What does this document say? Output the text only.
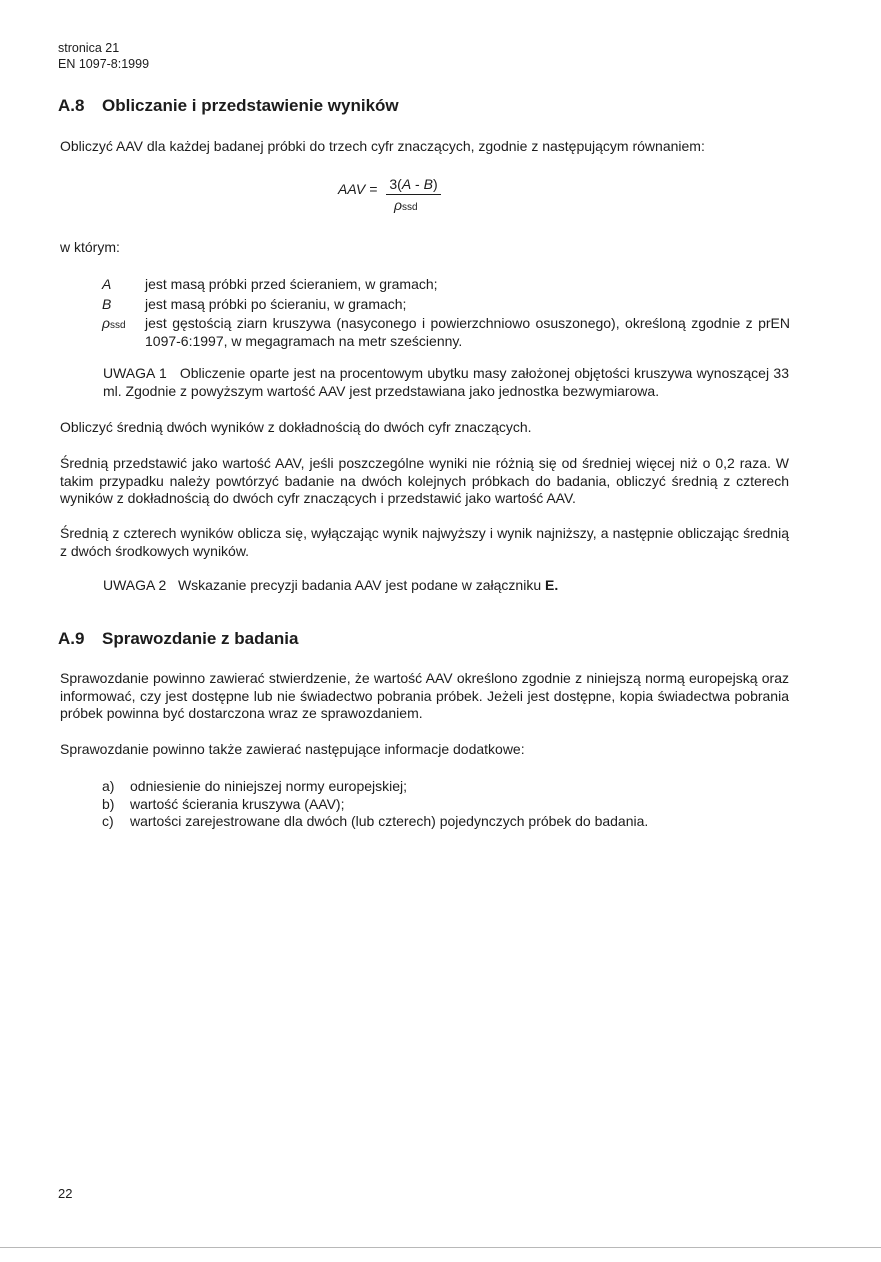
stronica 21
EN 1097-8:1999
A.8 Obliczanie i przedstawienie wyników
Obliczyć AAV dla każdej badanej próbki do trzech cyfr znaczących, zgodnie z następującym równaniem:
AAV = 3(A - B)
ρssd
w którym:
A	jest masą próbki przed ścieraniem, w gramach;
B	jest masą próbki po ścieraniu, w gramach;
ρssd	jest gęstością ziarn kruszywa (nasyconego i powierzchniowo osuszonego), określoną zgodnie z prEN 1097-6:1997, w megagramach na metr sześcienny.
UWAGA 1 Obliczenie oparte jest na procentowym ubytku masy założonej objętości kruszywa wynoszącej 33 ml. Zgodnie z powyższym wartość AAV jest przedstawiana jako jednostka bezwymiarowa.
Obliczyć średnią dwóch wyników z dokładnością do dwóch cyfr znaczących.
Średnią przedstawić jako wartość AAV, jeśli poszczególne wyniki nie różnią się od średniej więcej niż o 0,2 raza. W takim przypadku należy powtórzyć badanie na dwóch kolejnych próbkach do badania, obliczyć średnią z czterech wyników z dokładnością do dwóch cyfr znaczących i przedstawić jako wartość AAV.
Średnią z czterech wyników oblicza się, wyłączając wynik najwyższy i wynik najniższy, a następnie obliczając średnią z dwóch środkowych wyników.
UWAGA 2 Wskazanie precyzji badania AAV jest podane w załączniku E.
A.9 Sprawozdanie z badania
Sprawozdanie powinno zawierać stwierdzenie, że wartość AAV określono zgodnie z niniejszą normą europejską oraz informować, czy jest dostępne lub nie świadectwo pobrania próbek. Jeżeli jest dostępne, kopia świadectwa pobrania próbek powinna być dostarczona wraz ze sprawozdaniem.
Sprawozdanie powinno także zawierać następujące informacje dodatkowe:
a)	odniesienie do niniejszej normy europejskiej;
b)	wartość ścierania kruszywa (AAV);
c)	wartości zarejestrowane dla dwóch (lub czterech) pojedynczych próbek do badania.
22
